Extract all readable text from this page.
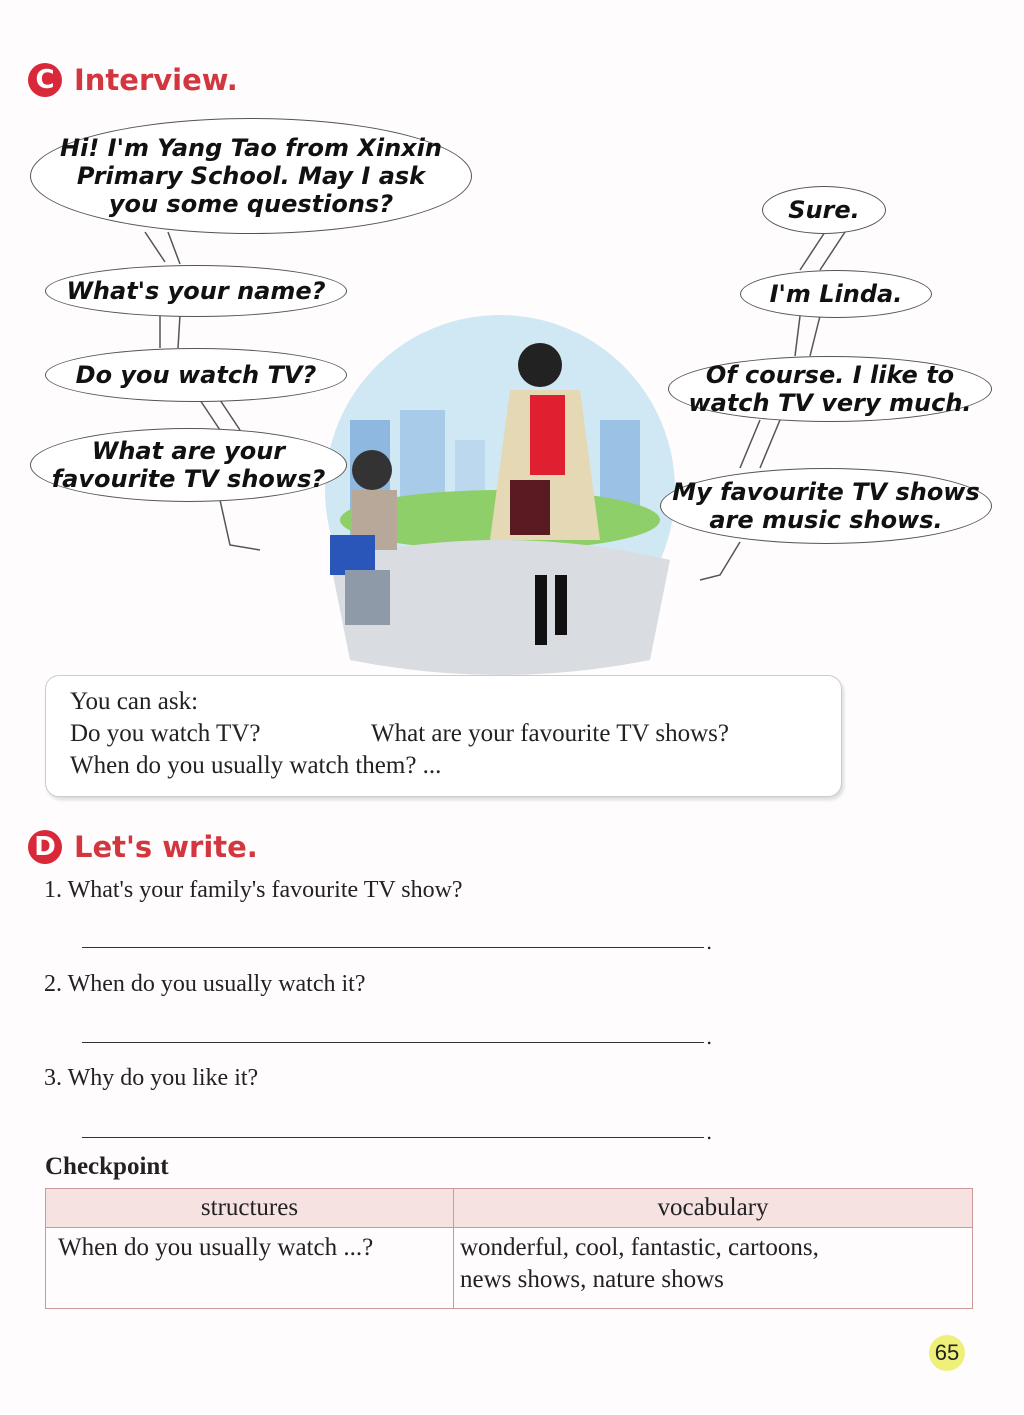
C Interview.
Hi! I'm Yang Tao from Xinxin
Primary School. May I ask
you some questions?
What's your name?
Do you watch TV?
What are your
favourite TV shows?
Sure.
I'm Linda.
Of course. I like to
watch TV very much.
My favourite TV shows
are music shows.
You can ask:
Do you watch TV?	What are your favourite TV shows?
When do you usually watch them? ...
D Let's write.
1. What's your family's favourite TV show?
.
2. When do you usually watch it?
.
3. Why do you like it?
.
Checkpoint
structures	vocabulary
When do you usually watch ...?	wonderful, cool, fantastic, cartoons,
news shows, nature shows
65
